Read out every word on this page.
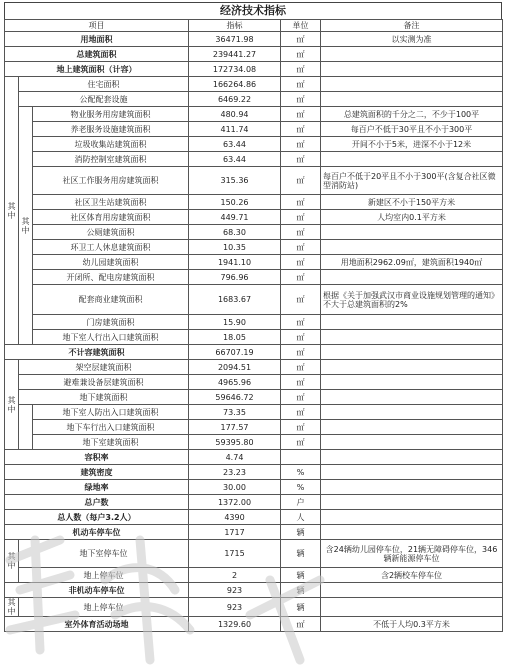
经济技术指标
项目			指标	单位	备注
用地面积			36471.98	㎡	以实测为准
总建筑面积			239441.27	㎡	
地上建筑面积（计容）			172734.08	㎡	
其中	住宅面积		166264.86	㎡	
	公配配套设施		6469.22	㎡	
	其中	物业服务用房建筑面积	480.94	㎡	总建筑面积的千分之二，不少于100平
		养老服务设施建筑面积	411.74	㎡	每百户不低于30平且不小于300平
		垃圾收集站建筑面积	63.44	㎡	开间不小于5米，进深不小于12米
		消防控制室建筑面积	63.44	㎡	
		社区工作服务用房建筑面积	315.36	㎡	每百户不低于20平且不小于300平(含复合社区微型消防站)
		社区卫生站建筑面积	150.26	㎡	新建区不小于150平方米
		社区体育用房建筑面积	449.71	㎡	人均室内0.1平方米
		公厕建筑面积	68.30	㎡	
		环卫工人休息建筑面积	10.35	㎡	
		幼儿园建筑面积	1941.10	㎡	用地面积2962.09㎡，建筑面积1940㎡
		开闭所、配电房建筑面积	796.96	㎡	
		配套商业建筑面积	1683.67	㎡	根据《关于加强武汉市商业设施规划管理的通知》不大于总建筑面积的2%
		门房建筑面积	15.90	㎡	
		地下室人行出入口建筑面积	18.05	㎡	
不计容建筑面积			66707.19	㎡	
其中	架空层建筑面积		2094.51	㎡	
	避难兼设备层建筑面积		4965.96	㎡	
	地下建筑面积		59646.72	㎡	
		地下室人防出入口建筑面积	73.35	㎡	
		地下车行出入口建筑面积	177.57	㎡	
		地下室建筑面积	59395.80	㎡	
容积率			4.74		
建筑密度			23.23	%	
绿地率			30.00	%	
总户数			1372.00	户	
总人数（每户3.2人）			4390	人	
机动车停车位			1717	辆	
其中	地下室停车位		1715	辆	含24辆幼儿园停车位，21辆无障碍停车位，346辆新能源停车位
	地上停车位		2	辆	含2辆校车停车位
非机动车停车位			923	辆	
其中	地上停车位		923	辆	
室外体育活动场地			1329.60	㎡	不低于人均0.3平方米
